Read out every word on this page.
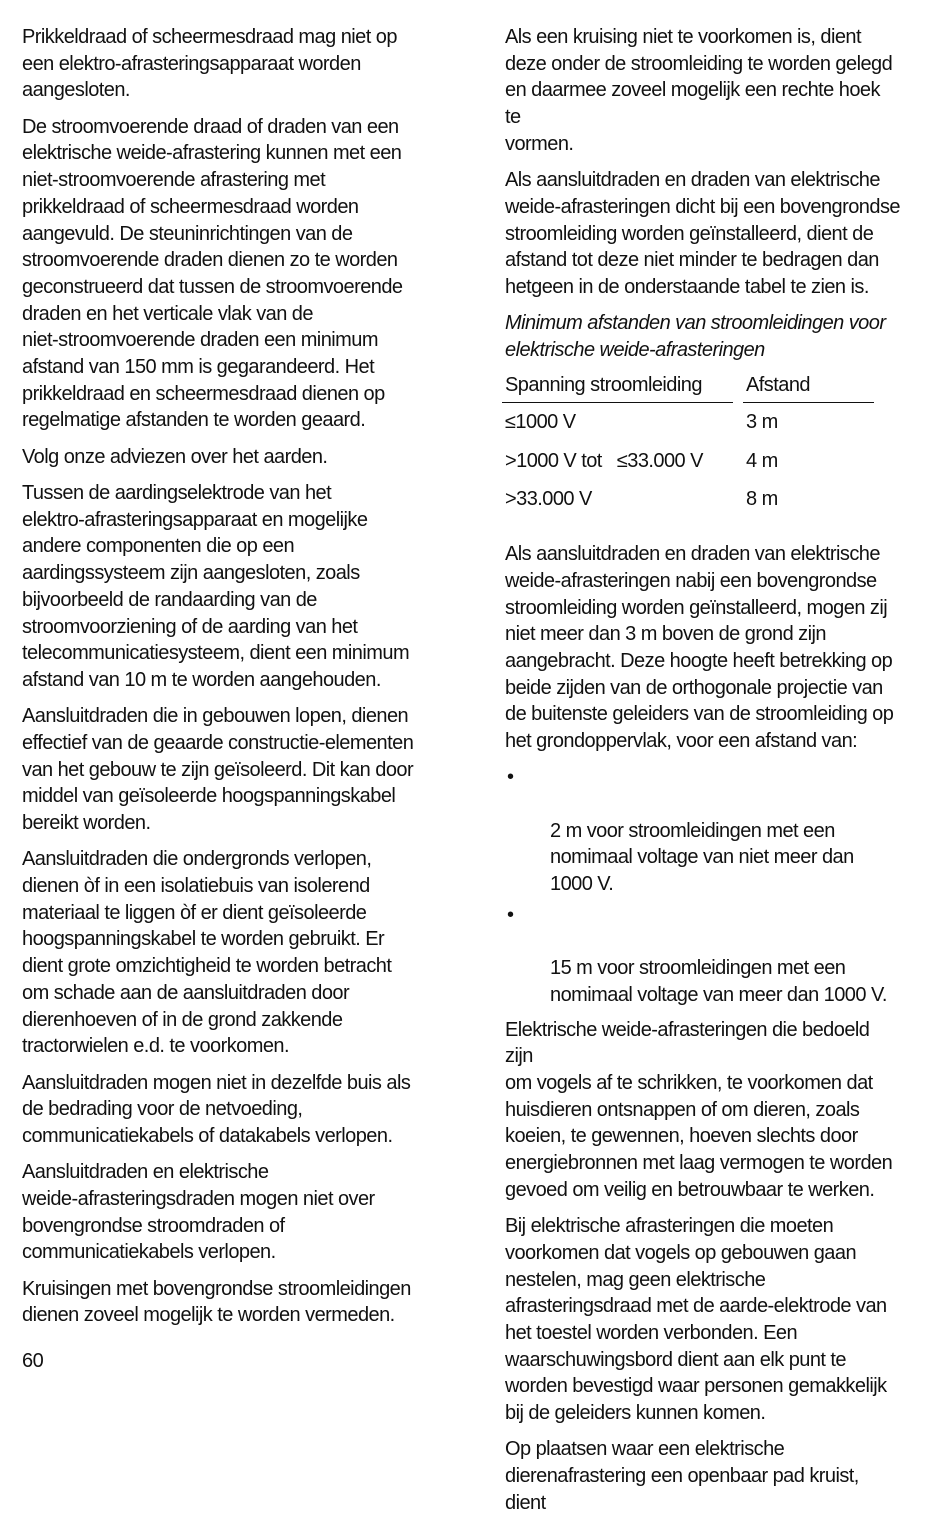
Prikkeldraad of scheermesdraad mag niet op
een elektro-afrasteringsapparaat worden
aangesloten.

De stroomvoerende draad of draden van een
elektrische weide-afrastering kunnen met een
niet-stroomvoerende afrastering met
prikkeldraad of scheermesdraad worden
aangevuld. De steuninrichtingen van de
stroomvoerende draden dienen zo te worden
geconstrueerd dat tussen de stroomvoerende
draden en het verticale vlak van de
niet-stroomvoerende draden een minimum
afstand van 150 mm is gegarandeerd. Het
prikkeldraad en scheermesdraad dienen op
regelmatige afstanden te worden geaard.

Volg onze adviezen over het aarden.

Tussen de aardingselektrode van het
elektro-afrasteringsapparaat en mogelijke
andere componenten die op een
aardingssysteem zijn aangesloten, zoals
bijvoorbeeld de randaarding van de
stroomvoorziening of de aarding van het
telecommunicatiesysteem, dient een minimum
afstand van 10 m te worden aangehouden.

Aansluitdraden die in gebouwen lopen, dienen
effectief van de geaarde constructie-elementen
van het gebouw te zijn geïsoleerd. Dit kan door
middel van geïsoleerde hoogspanningskabel
bereikt worden.

Aansluitdraden die ondergronds verlopen,
dienen òf in een isolatiebuis van isolerend
materiaal te liggen òf er dient geïsoleerde
hoogspanningskabel te worden gebruikt. Er
dient grote omzichtigheid te worden betracht
om schade aan de aansluitdraden door
dierenhoeven of in de grond zakkende
tractorwielen e.d. te voorkomen.

Aansluitdraden mogen niet in dezelfde buis als
de bedrading voor de netvoeding,
communicatiekabels of datakabels verlopen.

Aansluitdraden en elektrische
weide-afrasteringsdraden mogen niet over
bovengrondse stroomdraden of
communicatiekabels verlopen.

Kruisingen met bovengrondse stroomleidingen
dienen zoveel mogelijk te worden vermeden.

Als een kruising niet te voorkomen is, dient
deze onder de stroomleiding te worden gelegd
en daarmee zoveel mogelijk een rechte hoek te
vormen.

Als aansluitdraden en draden van elektrische
weide-afrasteringen dicht bij een bovengrondse
stroomleiding worden geïnstalleerd, dient de
afstand tot deze niet minder te bedragen dan
hetgeen in de onderstaande tabel te zien is.

Minimum afstanden van stroomleidingen voor
elektrische weide-afrasteringen

Spanning stroomleiding		Afstand
≤1000 V		3 m
>1000 V tot   ≤33.000 V		4 m
>33.000 V		8 m

Als aansluitdraden en draden van elektrische
weide-afrasteringen nabij een bovengrondse
stroomleiding worden geïnstalleerd, mogen zij
niet meer dan 3 m boven de grond zijn
aangebracht. Deze hoogte heeft betrekking op
beide zijden van de orthogonale projectie van
de buitenste geleiders van de stroomleiding op
het grondoppervlak, voor een afstand van:

•

2 m voor stroomleidingen met een
nomimaal voltage van niet meer dan
1000 V.

•

15 m voor stroomleidingen met een
nomimaal voltage van meer dan 1000 V.

Elektrische weide-afrasteringen die bedoeld zijn
om vogels af te schrikken, te voorkomen dat
huisdieren ontsnappen of om dieren, zoals
koeien, te gewennen, hoeven slechts door
energiebronnen met laag vermogen te worden
gevoed om veilig en betrouwbaar te werken.

Bij elektrische afrasteringen die moeten
voorkomen dat vogels op gebouwen gaan
nestelen, mag geen elektrische
afrasteringsdraad met de aarde-elektrode van
het toestel worden verbonden. Een
waarschuwingsbord dient aan elk punt te
worden bevestigd waar personen gemakkelijk
bij de geleiders kunnen komen.

Op plaatsen waar een elektrische
dierenafrastering een openbaar pad kruist, dient

60
